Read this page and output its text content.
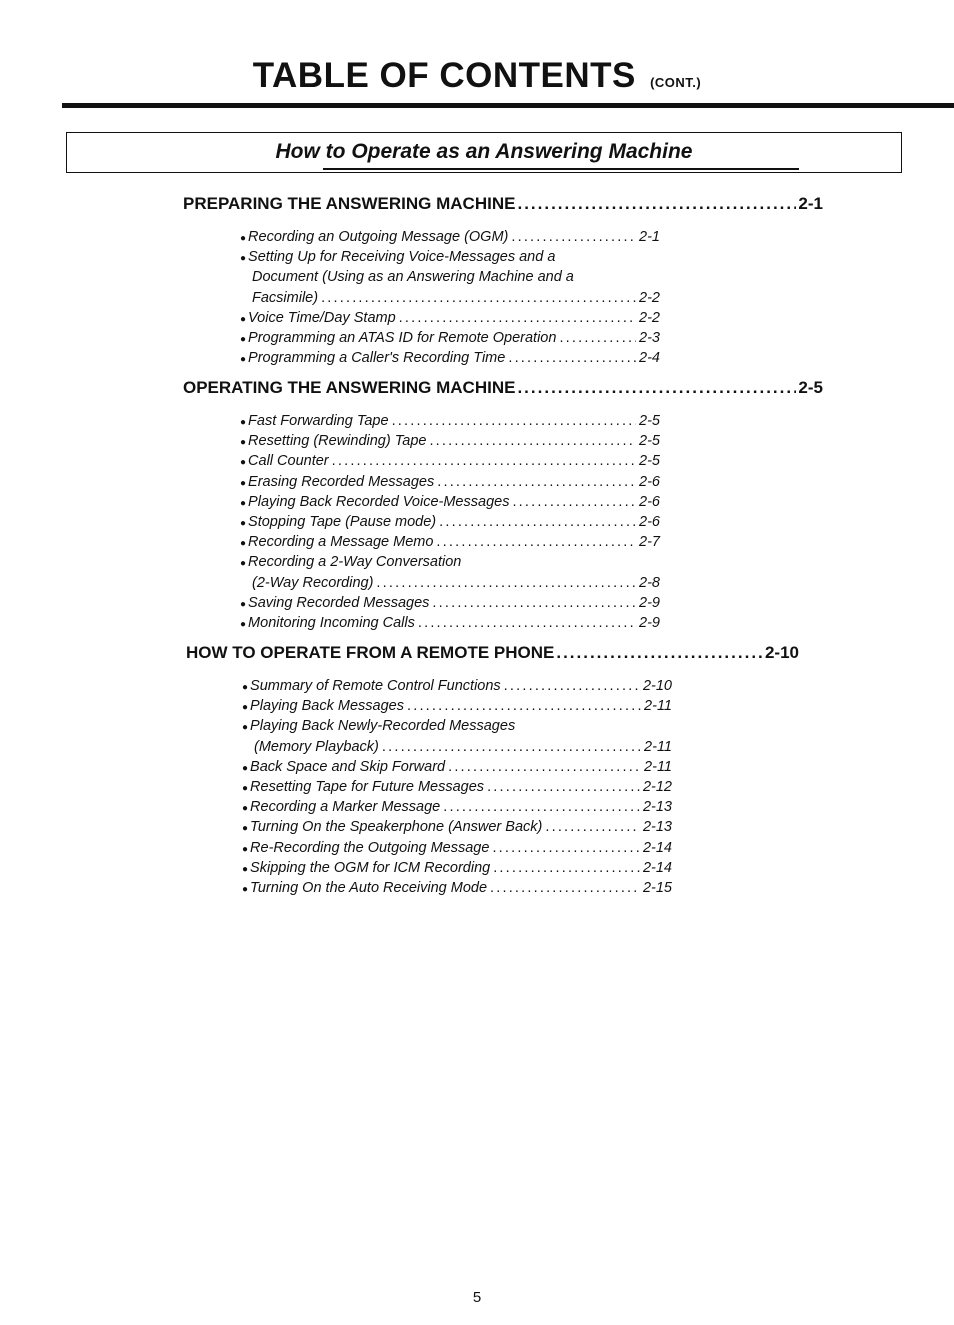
TABLE OF CONTENTS (CONT.)
How to Operate as an Answering Machine
PREPARING THE ANSWERING MACHINE .....	2-1
● Recording an Outgoing Message (OGM) .....	2-1
● Setting Up for Receiving Voice-Messages and a
Document (Using as an Answering Machine and a
Facsimile) .....	2-2
● Voice Time/Day Stamp .....	2-2
● Programming an ATAS ID for Remote Operation .....	2-3
● Programming a Caller's Recording Time .....	2-4
OPERATING THE ANSWERING MACHINE .....	2-5
● Fast Forwarding Tape .....	2-5
● Resetting (Rewinding) Tape .....	2-5
● Call Counter .....	2-5
● Erasing Recorded Messages .....	2-6
● Playing Back Recorded Voice-Messages .....	2-6
● Stopping Tape (Pause mode) .....	2-6
● Recording a Message Memo .....	2-7
● Recording a 2-Way Conversation
(2-Way Recording) .....	2-8
● Saving Recorded Messages .....	2-9
● Monitoring Incoming Calls .....	2-9
HOW TO OPERATE FROM A REMOTE PHONE .....	2-10
● Summary of Remote Control Functions .....	2-10
● Playing Back Messages .....	2-11
● Playing Back Newly-Recorded Messages
(Memory Playback) .....	2-11
● Back Space and Skip Forward .....	2-11
● Resetting Tape for Future Messages .....	2-12
● Recording a Marker Message .....	2-13
● Turning On the Speakerphone (Answer Back) .....	2-13
● Re-Recording the Outgoing Message .....	2-14
● Skipping the OGM for ICM Recording .....	2-14
● Turning On the Auto Receiving Mode .....	2-15
5
